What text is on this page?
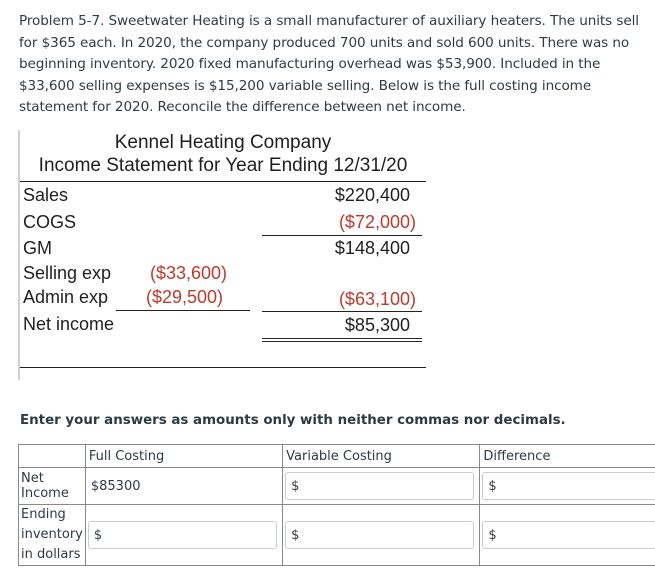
Problem 5-7. Sweetwater Heating is a small manufacturer of auxiliary heaters. The units sell for $365 each. In 2020, the company produced 700 units and sold 600 units. There was no beginning inventory. 2020 fixed manufacturing overhead was $53,900. Included in the $33,600 selling expenses is $15,200 variable selling. Below is the full costing income statement for 2020. Reconcile the difference between net income.
Kennel Heating Company
Income Statement for Year Ending 12/31/20
Sales	$220,400
COGS	($72,000)
GM	$148,400
Selling exp ($33,600)
Admin exp ($29,500)	($63,100)
Net income	$85,300
Enter your answers as amounts only with neither commas nor decimals.
	Full Costing	Variable Costing	Difference
Net Income	$85300	$	$

Ending inventory in dollars	$	$	$
